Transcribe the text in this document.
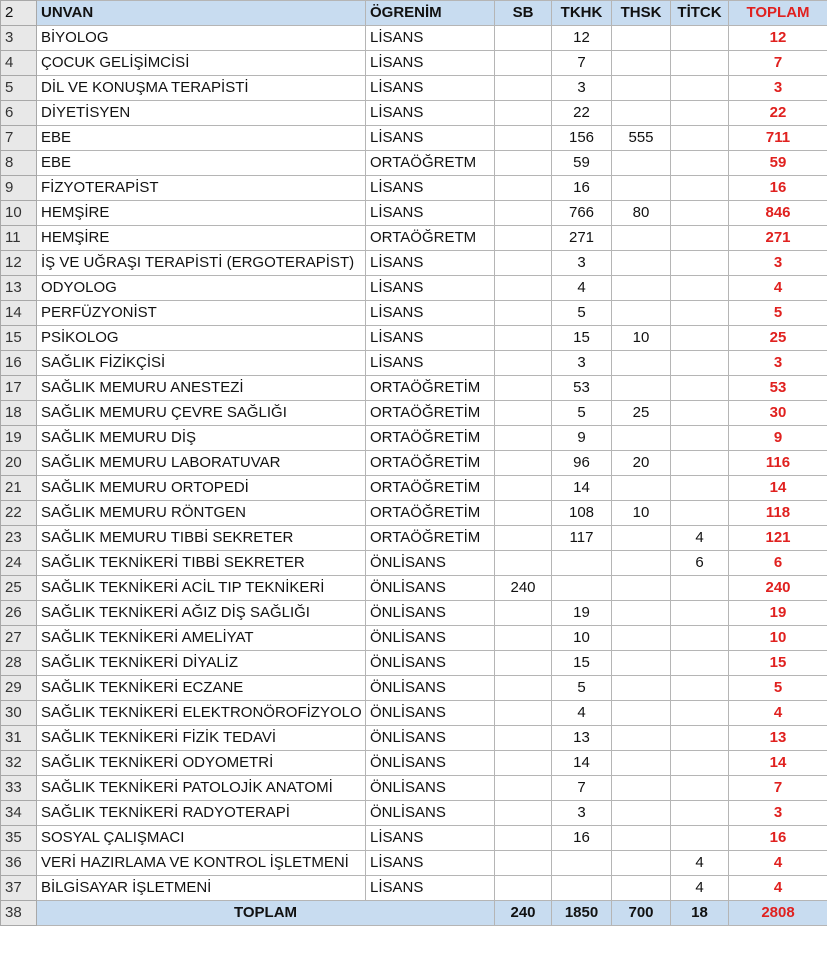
2	UNVAN	ÖGRENİM	SB	TKHK	THSK	TİTCK	TOPLAM
3	BİYOLOG	LİSANS		12			12
4	ÇOCUK GELİŞİMCİSİ	LİSANS		7			7
5	DİL VE KONUŞMA TERAPİSTİ	LİSANS		3			3
6	DİYETİSYEN	LİSANS		22			22
7	EBE	LİSANS		156	555		711
8	EBE	ORTAÖĞRETM		59			59
9	FİZYOTERAPİST	LİSANS		16			16
10	HEMŞİRE	LİSANS		766	80		846
11	HEMŞİRE	ORTAÖĞRETM		271			271
12	İŞ VE UĞRAŞI TERAPİSTİ (ERGOTERAPİST)	LİSANS		3			3
13	ODYOLOG	LİSANS		4			4
14	PERFÜZYONİST	LİSANS		5			5
15	PSİKOLOG	LİSANS		15	10		25
16	SAĞLIK FİZİKÇİSİ	LİSANS		3			3
17	SAĞLIK MEMURU ANESTEZİ	ORTAÖĞRETİM		53			53
18	SAĞLIK MEMURU ÇEVRE SAĞLIĞI	ORTAÖĞRETİM		5	25		30
19	SAĞLIK MEMURU DİŞ	ORTAÖĞRETİM		9			9
20	SAĞLIK MEMURU LABORATUVAR	ORTAÖĞRETİM		96	20		116
21	SAĞLIK MEMURU ORTOPEDİ	ORTAÖĞRETİM		14			14
22	SAĞLIK MEMURU RÖNTGEN	ORTAÖĞRETİM		108	10		118
23	SAĞLIK MEMURU TIBBİ SEKRETER	ORTAÖĞRETİM		117		4	121
24	SAĞLIK TEKNİKERİ TIBBİ SEKRETER	ÖNLİSANS				6	6
25	SAĞLIK TEKNİKERİ ACİL TIP TEKNİKERİ	ÖNLİSANS	240				240
26	SAĞLIK TEKNİKERİ AĞIZ DİŞ SAĞLIĞI	ÖNLİSANS		19			19
27	SAĞLIK TEKNİKERİ AMELİYAT	ÖNLİSANS		10			10
28	SAĞLIK TEKNİKERİ DİYALİZ	ÖNLİSANS		15			15
29	SAĞLIK TEKNİKERİ ECZANE	ÖNLİSANS		5			5
30	SAĞLIK TEKNİKERİ ELEKTRONÖROFİZYOLO	ÖNLİSANS		4			4
31	SAĞLIK TEKNİKERİ FİZİK TEDAVİ	ÖNLİSANS		13			13
32	SAĞLIK TEKNİKERİ ODYOMETRİ	ÖNLİSANS		14			14
33	SAĞLIK TEKNİKERİ PATOLOJİK ANATOMİ	ÖNLİSANS		7			7
34	SAĞLIK TEKNİKERİ RADYOTERAPİ	ÖNLİSANS		3			3
35	SOSYAL ÇALIŞMACI	LİSANS		16			16
36	VERİ HAZIRLAMA VE KONTROL İŞLETMENİ	LİSANS				4	4
37	BİLGİSAYAR İŞLETMENİ	LİSANS				4	4
38	TOPLAM		240	1850	700	18	2808
